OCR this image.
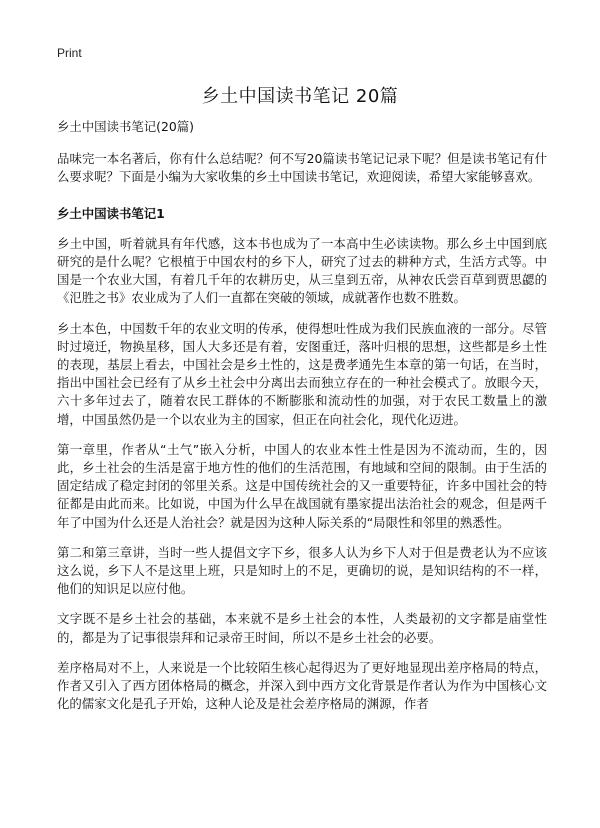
Print
乡土中国读书笔记 20篇

乡土中国读书笔记(20篇)

品味完一本名著后，你有什么总结呢？何不写20篇读书笔记记录下呢？但是读书笔记有什么要求呢？下面是小编为大家收集的乡土中国读书笔记，欢迎阅读，希望大家能够喜欢。

乡土中国读书笔记1

乡土中国，听着就具有年代感，这本书也成为了一本高中生必读读物。那么乡土中国到底研究的是什么呢？它根植于中国农村的乡下人，研究了过去的耕种方式，生活方式等。中国是一个农业大国，有着几千年的农耕历史，从三皇到五帝，从神农氏尝百草到贾思勰的《氾胜之书》农业成为了人们一直都在突破的领域，成就著作也数不胜数。

乡土本色，中国数千年的农业文明的传承，使得想吐性成为我们民族血液的一部分。尽管时过境迁，物换星移，国人大多还是有着，安图重迁，落叶归根的思想，这些都是乡土性的表现，基层上看去，中国社会是乡土性的，这是费孝通先生本章的第一句话，在当时，指出中国社会已经有了从乡土社会中分离出去而独立存在的一种社会模式了。放眼今天，六十多年过去了，随着农民工群体的不断膨胀和流动性的加强，对于农民工数量上的激增，中国虽然仍是一个以农业为主的国家，但正在向社会化，现代化迈进。

第一章里，作者从“土气”嵌入分析，中国人的农业本性土性是因为不流动而，生的，因此，乡土社会的生活是富于地方性的他们的生活范围，有地域和空间的限制。由于生活的固定结成了稳定封闭的邻里关系。这是中国传统社会的又一重要特征，许多中国社会的特征都是由此而来。比如说，中国为什么早在战国就有墨家提出法治社会的观念，但是两千年了中国为什么还是人治社会？就是因为这种人际关系的“局限性和邻里的熟悉性。

第二和第三章讲，当时一些人提倡文字下乡，很多人认为乡下人对于但是费老认为不应该这么说，乡下人不是这里上班，只是知时上的不足，更确切的说，是知识结构的不一样，他们的知识足以应付他。

文字既不是乡土社会的基础，本来就不是乡土社会的本性，人类最初的文字都是庙堂性的，都是为了记事很崇拜和记录帝王时间，所以不是乡土社会的必要。

差序格局对不上，人来说是一个比较陌生核心起得迟为了更好地显现出差序格局的特点，作者又引入了西方团体格局的概念，并深入到中西方文化背景是作者认为作为中国核心文化的儒家文化是孔子开始，这种人论及是社会差序格局的渊源，作者
